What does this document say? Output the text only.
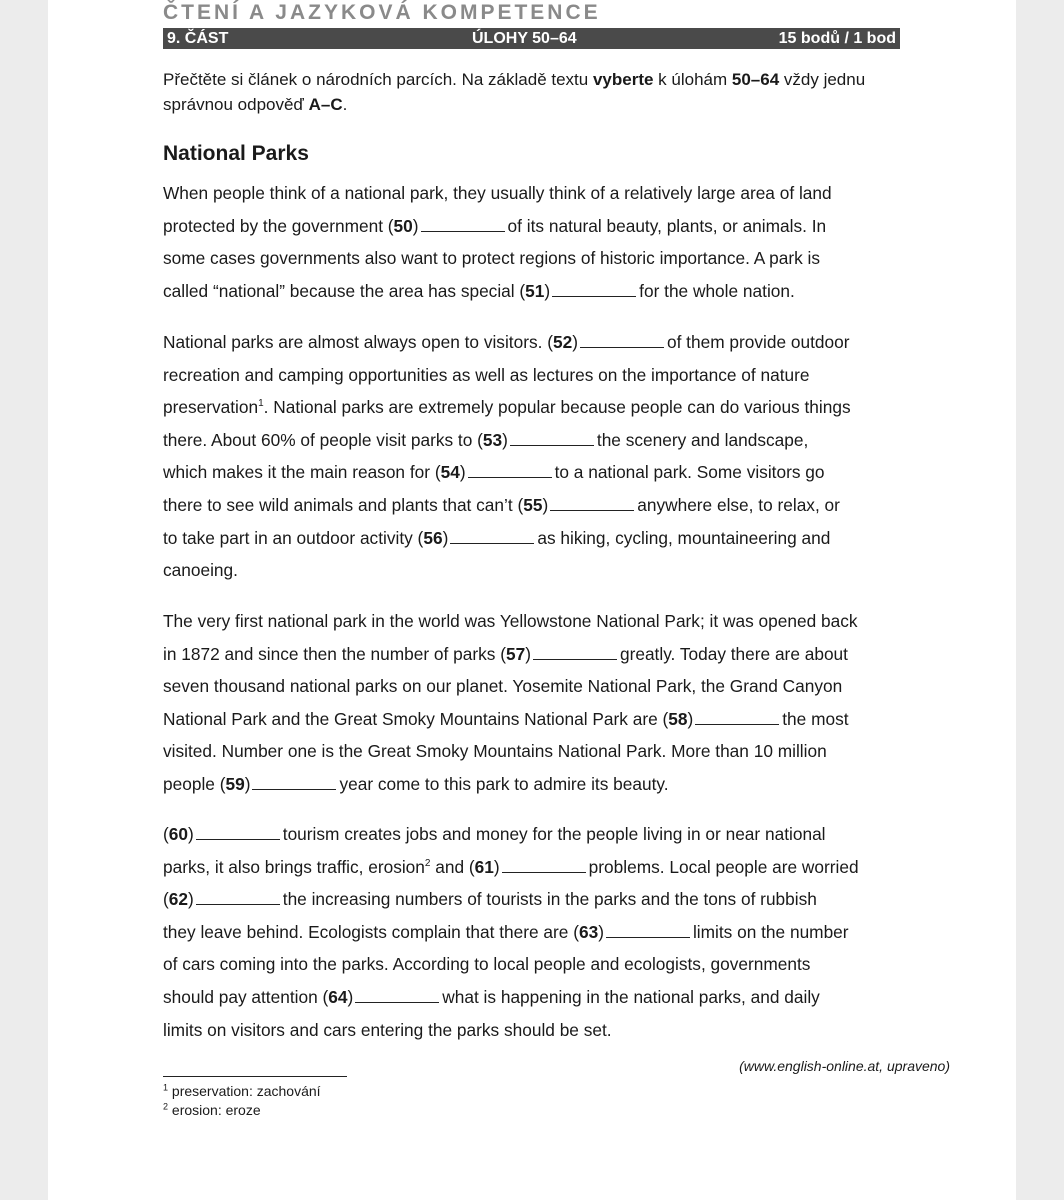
ČTENÍ A JAZYKOVÁ KOMPETENCE
9. ČÁST	ÚLOHY 50–64	15 bodů / 1 bod
Přečtěte si článek o národních parcích. Na základě textu vyberte k úlohám 50–64 vždy jednu správnou odpověď A–C.
National Parks
When people think of a national park, they usually think of a relatively large area of land
protected by the government (50)	of its natural beauty, plants, or animals. In
some cases governments also want to protect regions of historic importance. A park is
called “national” because the area has special (51)	for the whole nation.
National parks are almost always open to visitors. (52)	of them provide outdoor
recreation and camping opportunities as well as lectures on the importance of nature
preservation$^1$. National parks are extremely popular because people can do various things
there. About 60% of people visit parks to (53)	the scenery and landscape,
which makes it the main reason for (54)	to a national park. Some visitors go
there to see wild animals and plants that can’t (55)	anywhere else, to relax, or
to take part in an outdoor activity (56)	as hiking, cycling, mountaineering and
canoeing.
The very first national park in the world was Yellowstone National Park; it was opened back
in 1872 and since then the number of parks (57)	greatly. Today there are about
seven thousand national parks on our planet. Yosemite National Park, the Grand Canyon
National Park and the Great Smoky Mountains National Park are (58)	the most
visited. Number one is the Great Smoky Mountains National Park. More than 10 million
people (59)	year come to this park to admire its beauty.
(60)	tourism creates jobs and money for the people living in or near national
parks, it also brings traffic, erosion$^2$ and (61)	problems. Local people are worried
(62)	the increasing numbers of tourists in the parks and the tons of rubbish
they leave behind. Ecologists complain that there are (63)	limits on the number
of cars coming into the parks. According to local people and ecologists, governments
should pay attention (64)	what is happening in the national parks, and daily
limits on visitors and cars entering the parks should be set.
(www.english-online.at, upraveno)
$^1$ preservation: zachování
$^2$ erosion: eroze
